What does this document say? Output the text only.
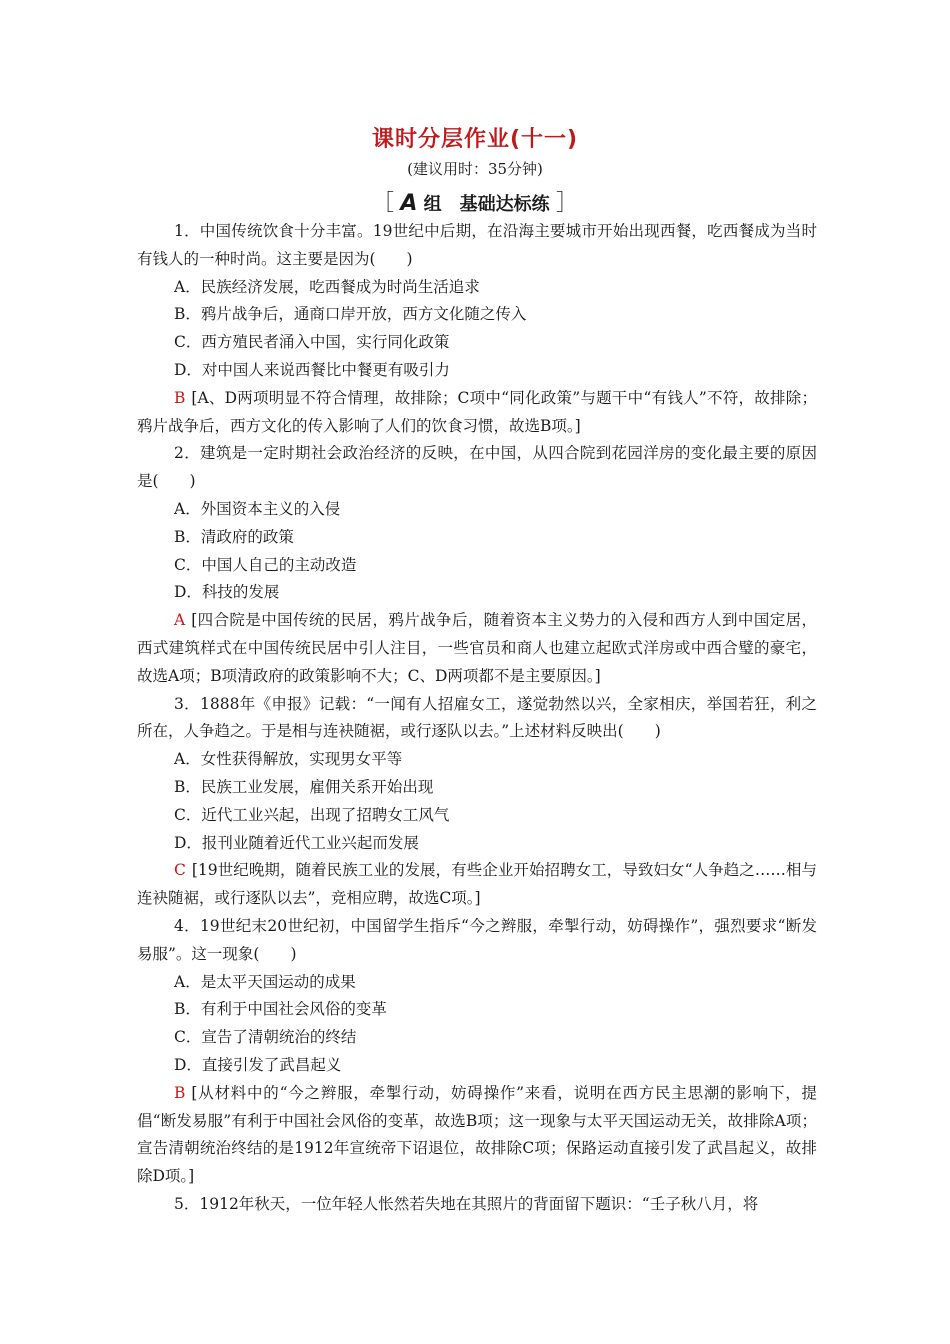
课时分层作业(十一)
(建议用时：35分钟)
［ A 组　基础达标练 ］

1．中国传统饮食十分丰富。19世纪中后期，在沿海主要城市开始出现西餐，吃西餐成为当时有钱人的一种时尚。这主要是因为(　　)

A．民族经济发展，吃西餐成为时尚生活追求

B．鸦片战争后，通商口岸开放，西方文化随之传入

C．西方殖民者涌入中国，实行同化政策

D．对中国人来说西餐比中餐更有吸引力

B [A、D两项明显不符合情理，故排除；C项中“同化政策”与题干中“有钱人”不符，故排除；鸦片战争后，西方文化的传入影响了人们的饮食习惯，故选B项。]

2．建筑是一定时期社会政治经济的反映，在中国，从四合院到花园洋房的变化最主要的原因是(　　)

A．外国资本主义的入侵

B．清政府的政策

C．中国人自己的主动改造

D．科技的发展

A [四合院是中国传统的民居，鸦片战争后，随着资本主义势力的入侵和西方人到中国定居，西式建筑样式在中国传统民居中引人注目，一些官员和商人也建立起欧式洋房或中西合璧的豪宅，故选A项；B项清政府的政策影响不大；C、D两项都不是主要原因。]

3．1888年《申报》记载：“一闻有人招雇女工，遂觉勃然以兴，全家相庆，举国若狂，利之所在，人争趋之。于是相与连袂随裾，或行逐队以去。”上述材料反映出(　　)

A．女性获得解放，实现男女平等

B．民族工业发展，雇佣关系开始出现

C．近代工业兴起，出现了招聘女工风气

D．报刊业随着近代工业兴起而发展

C [19世纪晚期，随着民族工业的发展，有些企业开始招聘女工，导致妇女“人争趋之……相与连袂随裾，或行逐队以去”，竞相应聘，故选C项。]

4．19世纪末20世纪初，中国留学生指斥“今之辫服，牵掣行动，妨碍操作”，强烈要求“断发易服”。这一现象(　　)

A．是太平天国运动的成果

B．有利于中国社会风俗的变革

C．宣告了清朝统治的终结

D．直接引发了武昌起义

B [从材料中的“今之辫服，牵掣行动，妨碍操作”来看，说明在西方民主思潮的影响下，提倡“断发易服”有利于中国社会风俗的变革，故选B项；这一现象与太平天国运动无关，故排除A项；宣告清朝统治终结的是1912年宣统帝下诏退位，故排除C项；保路运动直接引发了武昌起义，故排除D项。]

5．1912年秋天，一位年轻人怅然若失地在其照片的背面留下题识：“壬子秋八月，将
